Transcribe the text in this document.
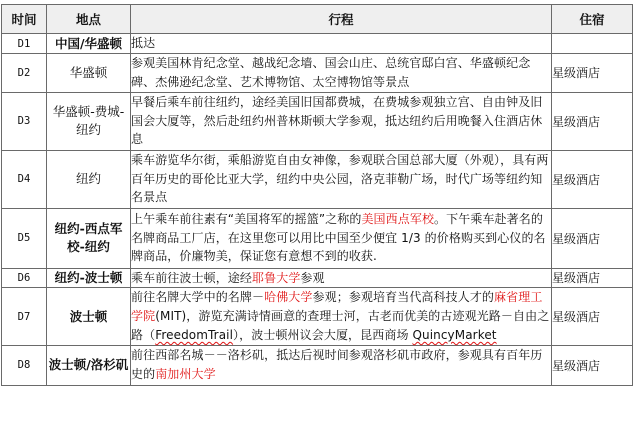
时间	地点	行程	住宿
D1	中国/华盛顿	抵达	
D2	华盛顿	参观美国林肯纪念堂、越战纪念墙、国会山庄、总统官邸白宫、华盛顿纪念碑、杰佛逊纪念堂、艺术博物馆、太空博物馆等景点	星级酒店
D3	华盛顿-费城-纽约	早餐后乘车前往纽约，途经美国旧国都费城，在费城参观独立宫、自由钟及旧国会大厦等，然后赴纽约州普林斯顿大学参观，抵达纽约后用晚餐入住酒店休息	星级酒店
D4	纽约	乘车游览华尔街，乘船游览自由女神像，参观联合国总部大厦（外观），具有两百年历史的哥伦比亚大学，纽约中央公园，洛克菲勒广场，时代广场等纽约知名景点	星级酒店
D5	纽约-西点军校-纽约	上午乘车前往素有“美国将军的摇篮”之称的美国西点军校。下午乘车赴著名的名牌商品工厂店，在这里您可以用比中国至少便宜 1/3 的价格购买到心仪的名牌商品，价廉物美，保证您有意想不到的收获.	星级酒店
D6	纽约-波士顿	乘车前往波士顿，途经耶鲁大学参观	星级酒店
D7	波士顿	前往名牌大学中的名牌－哈佛大学参观；参观培育当代高科技人才的麻省理工学院(MIT)，游览充满诗情画意的查理士河，古老而优美的古迹观光路－自由之路（FreedomTrail），波士顿州议会大厦，昆西商场 QuincyMarket	星级酒店
D8	波士顿/洛杉矶	前往西部名城－－洛杉矶，抵达后视时间参观洛杉矶市政府，参观具有百年历史的南加州大学	星级酒店
